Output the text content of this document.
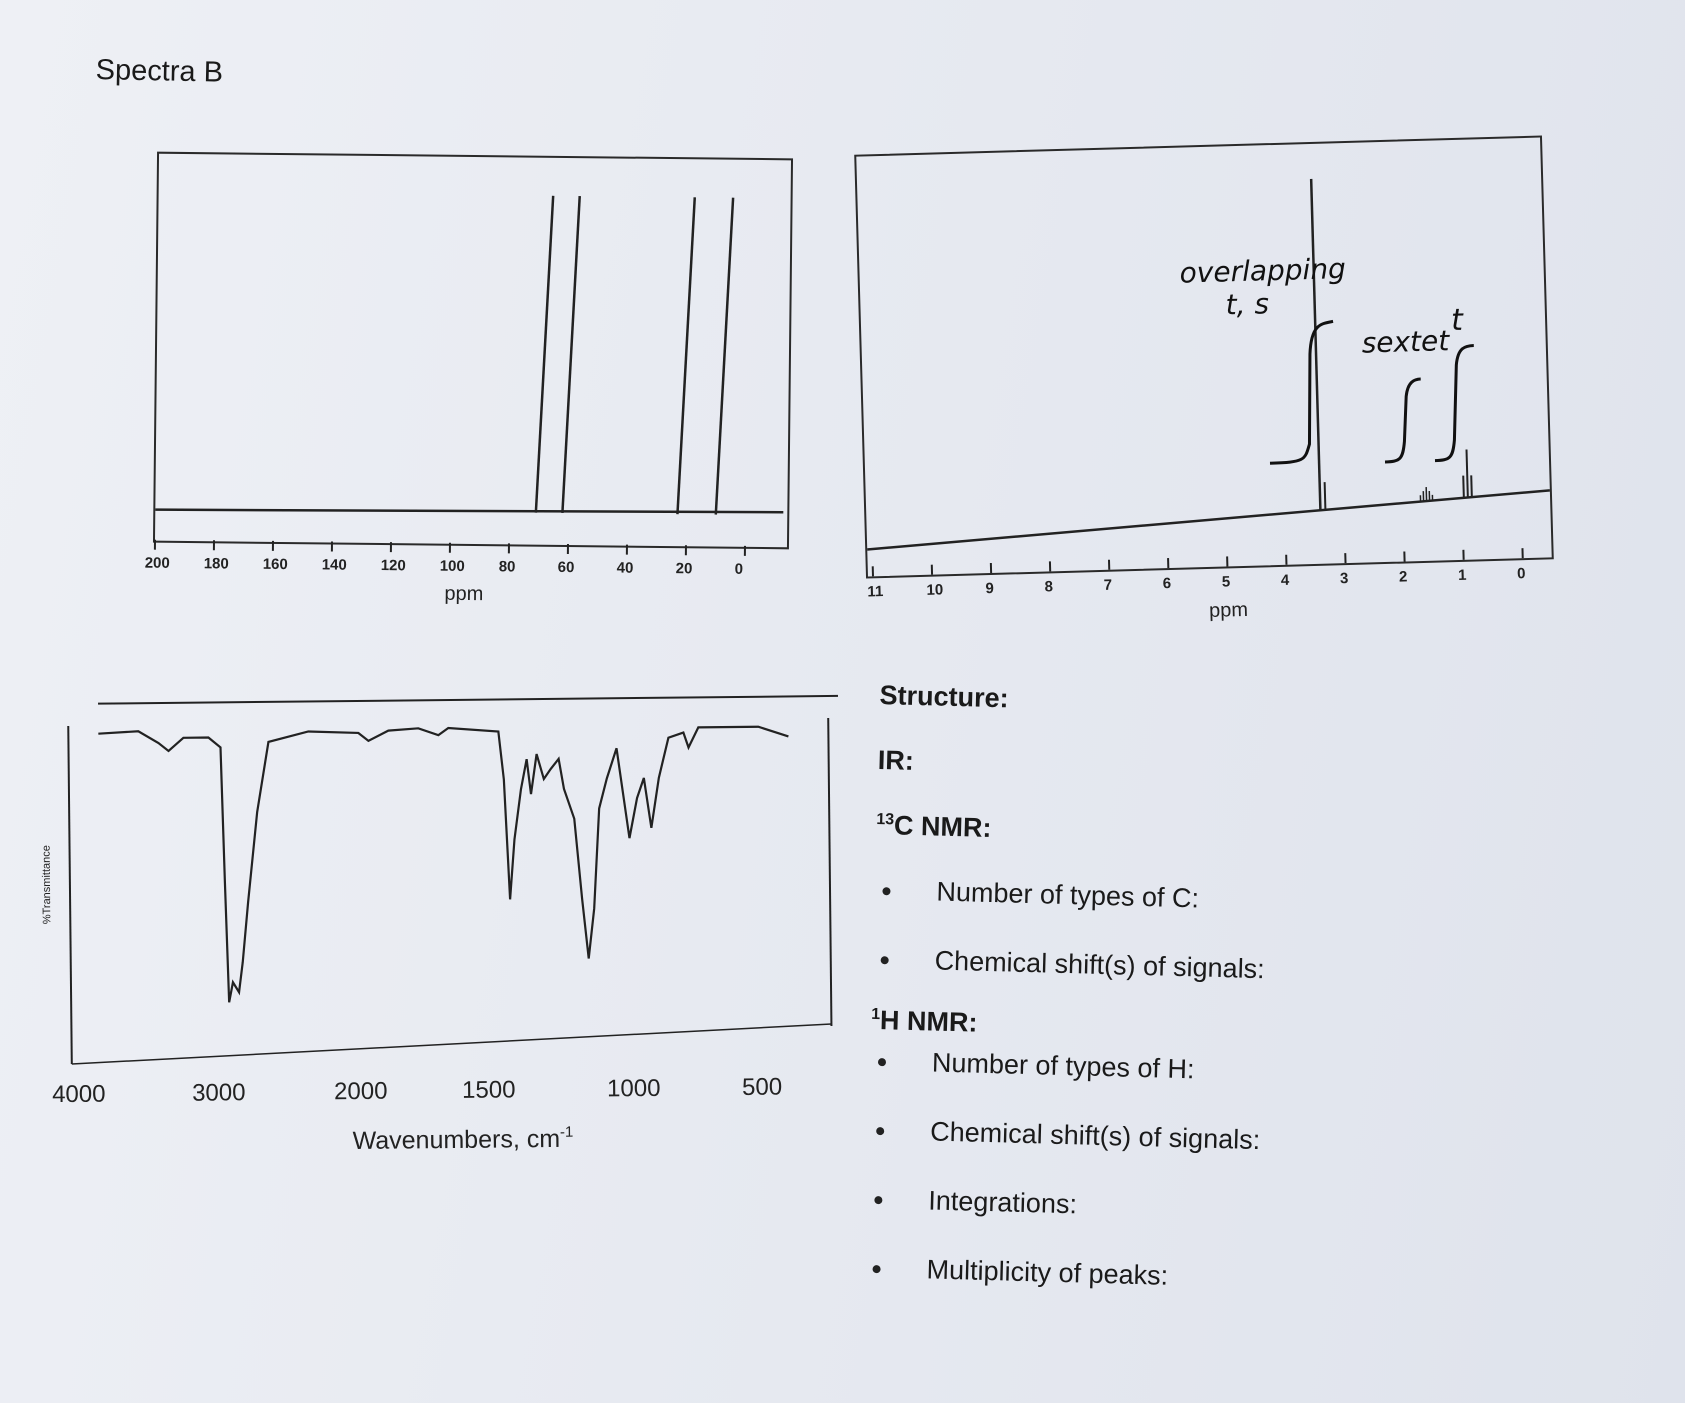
Spectra B
200 180 160 140 120 100 80	60	40	20	0
ppm
overlapping
t, s
sextet
t
11	10	9	8	7	6	5	4	3	2	1	0
ppm
%Transmittance
4000	3000	2000	1500	1000	500
Wavenumbers, $cm^{-1}$
Structure:
IR:
$^{13}$C NMR:
Number of types of C:
Chemical shift(s) of signals:
$^1$H NMR:
Number of types of H:
Chemical shift(s) of signals:
Integrations:
Multiplicity of peaks:
